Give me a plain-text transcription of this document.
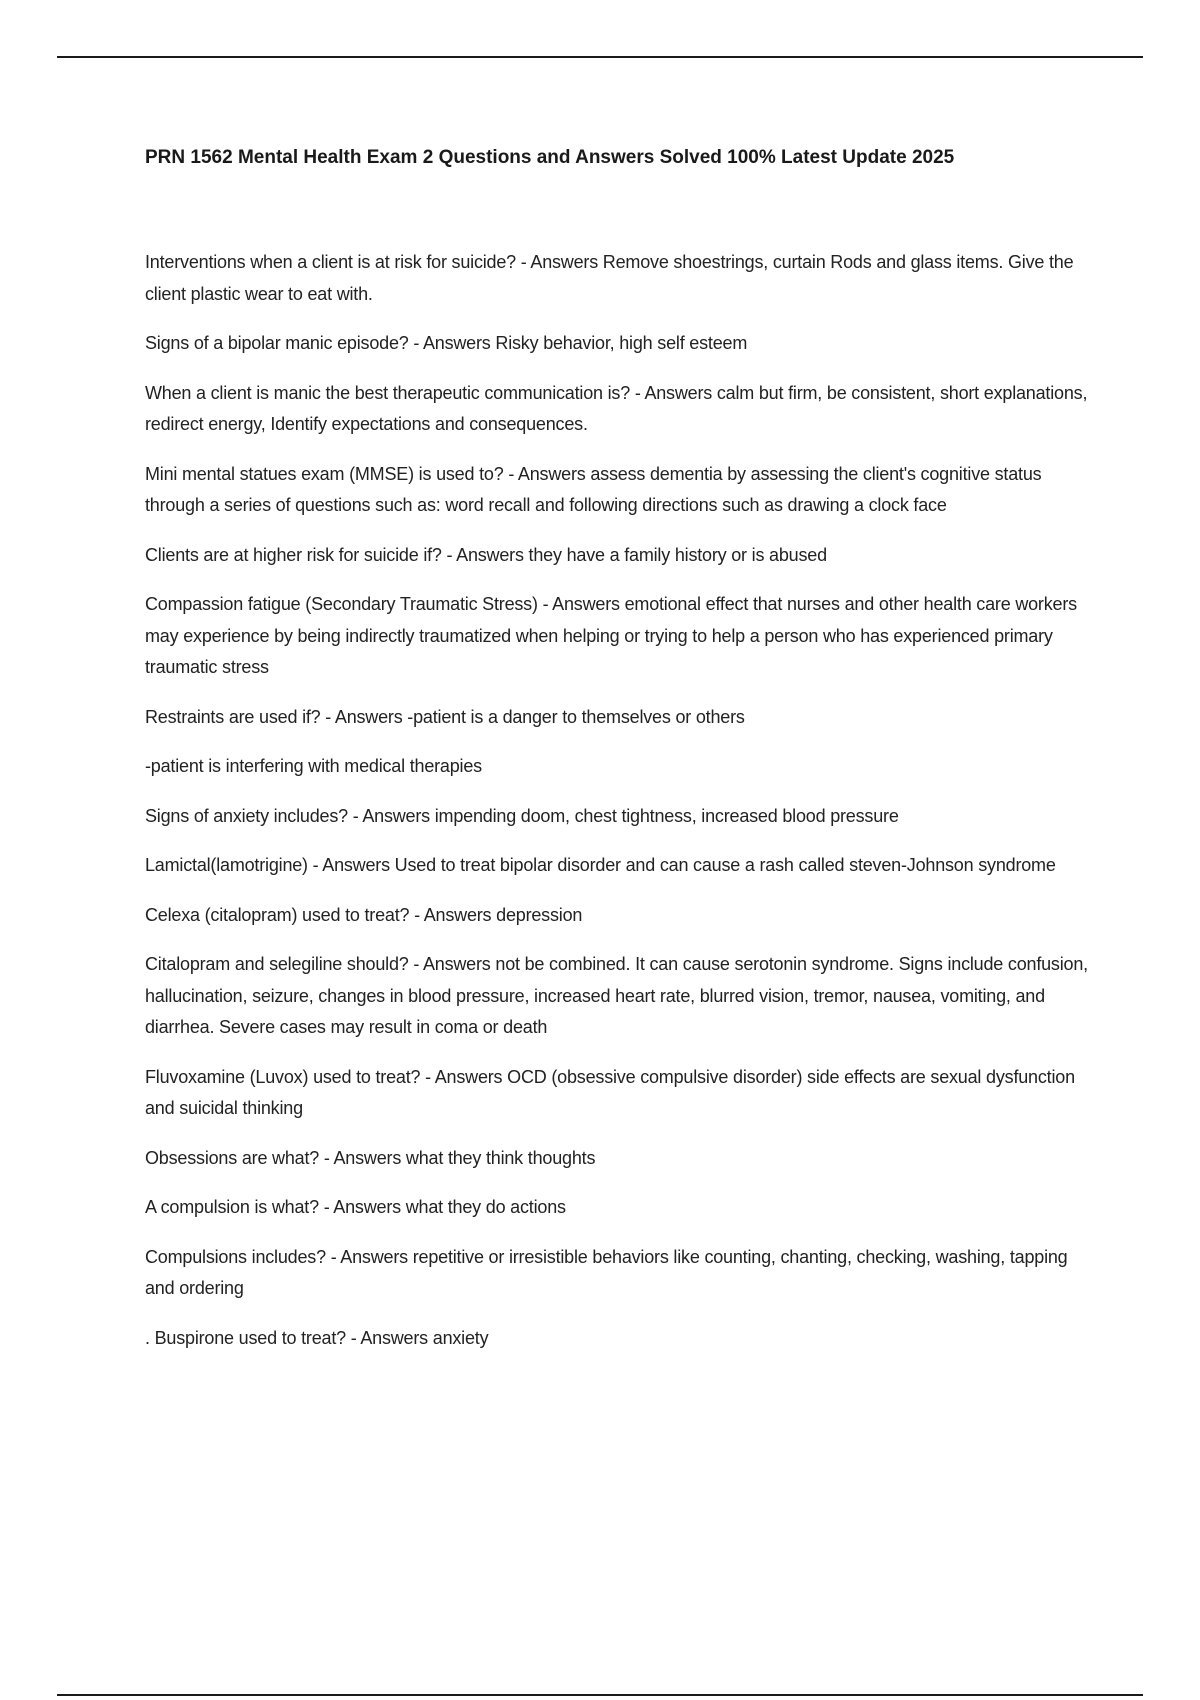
PRN 1562 Mental Health Exam 2 Questions and Answers Solved 100% Latest Update 2025
Interventions when a client is at risk for suicide? - Answers Remove shoestrings, curtain Rods and glass items. Give the client plastic wear to eat with.
Signs of a bipolar manic episode? - Answers Risky behavior, high self esteem
When a client is manic the best therapeutic communication is? - Answers calm but firm, be consistent, short explanations, redirect energy, Identify expectations and consequences.
Mini mental statues exam (MMSE) is used to? - Answers assess dementia by assessing the client's cognitive status through a series of questions such as: word recall and following directions such as drawing a clock face
Clients are at higher risk for suicide if? - Answers they have a family history or is abused
Compassion fatigue (Secondary Traumatic Stress) - Answers emotional effect that nurses and other health care workers may experience by being indirectly traumatized when helping or trying to help a person who has experienced primary traumatic stress
Restraints are used if? - Answers -patient is a danger to themselves or others
-patient is interfering with medical therapies
Signs of anxiety includes? - Answers impending doom, chest tightness, increased blood pressure
Lamictal(lamotrigine) - Answers Used to treat bipolar disorder and can cause a rash called steven-Johnson syndrome
Celexa (citalopram) used to treat? - Answers depression
Citalopram and selegiline should? - Answers not be combined. It can cause serotonin syndrome. Signs include confusion, hallucination, seizure, changes in blood pressure, increased heart rate, blurred vision, tremor, nausea, vomiting, and diarrhea. Severe cases may result in coma or death
Fluvoxamine (Luvox) used to treat? - Answers OCD (obsessive compulsive disorder) side effects are sexual dysfunction and suicidal thinking
Obsessions are what? - Answers what they think thoughts
A compulsion is what? - Answers what they do actions
Compulsions includes? - Answers repetitive or irresistible behaviors like counting, chanting, checking, washing, tapping and ordering
. Buspirone used to treat? - Answers anxiety
